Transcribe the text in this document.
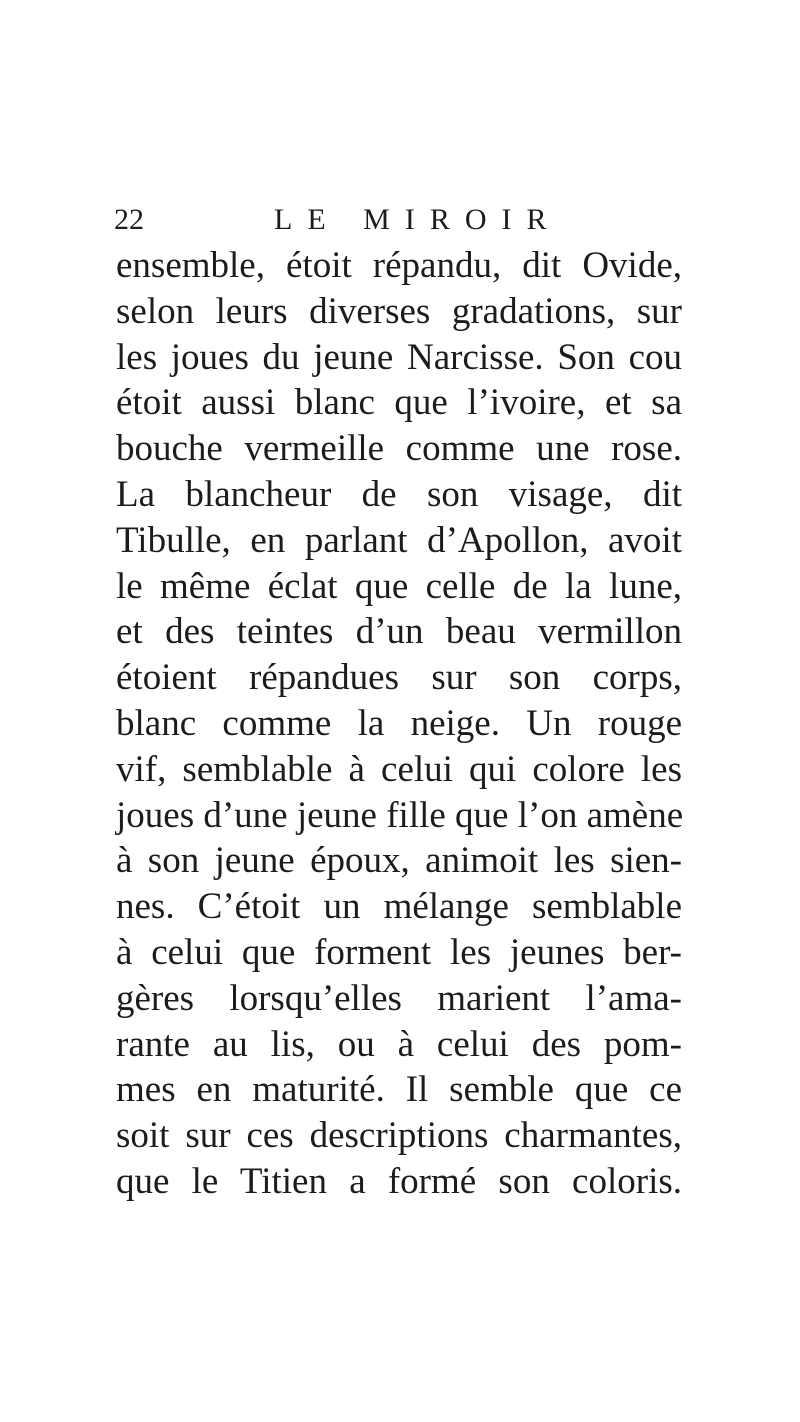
22	LE MIROIR
ensemble, étoit répandu, dit Ovide,
selon leurs diverses gradations, sur
les joues du jeune Narcisse. Son cou
étoit aussi blanc que l’ivoire, et sa
bouche vermeille comme une rose.
La blancheur de son visage, dit
Tibulle, en parlant d’Apollon, avoit
le même éclat que celle de la lune,
et des teintes d’un beau vermillon
étoient répandues sur son corps,
blanc comme la neige. Un rouge
vif, semblable à celui qui colore les
joues d’une jeune fille que l’on amène
à son jeune époux, animoit les sien-
nes. C’étoit un mélange semblable
à celui que forment les jeunes ber-
gères lorsqu’elles marient l’ama-
rante au lis, ou à celui des pom-
mes en maturité. Il semble que ce
soit sur ces descriptions charmantes,
que le Titien a formé son coloris.
